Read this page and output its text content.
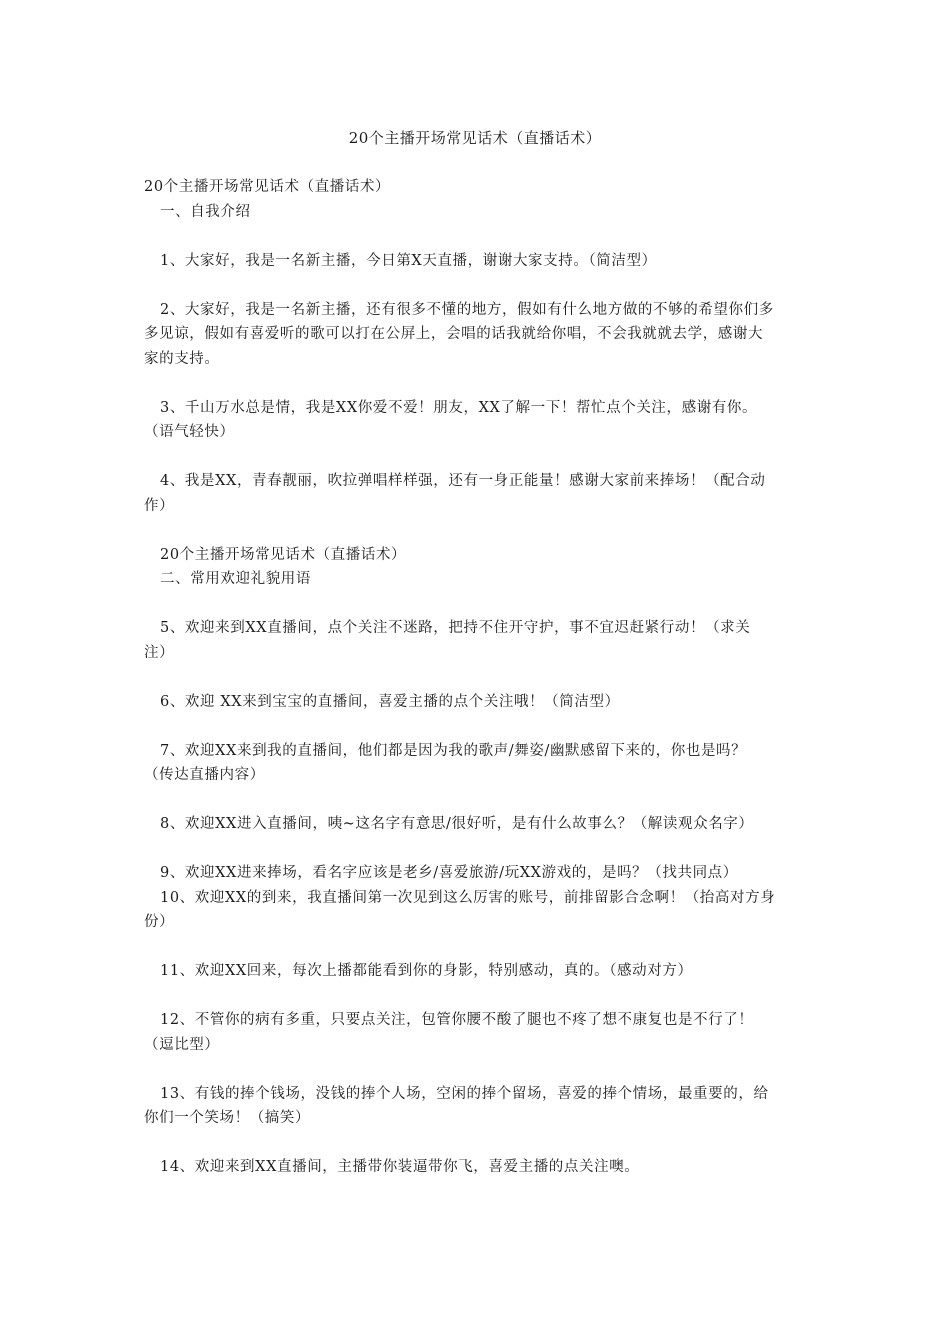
20个主播开场常见话术（直播话术）
20个主播开场常见话术（直播话术）
一、自我介绍
1、大家好，我是一名新主播，今日第X天直播，谢谢大家支持。（简洁型）
2、大家好，我是一名新主播，还有很多不懂的地方，假如有什么地方做的不够的希望你们多
多见谅，假如有喜爱听的歌可以打在公屏上，会唱的话我就给你唱，不会我就就去学，感谢大
家的支持。
3、千山万水总是情，我是XX你爱不爱！朋友，XX了解一下！帮忙点个关注，感谢有你。
（语气轻快）
4、我是XX，青春靓丽，吹拉弹唱样样强，还有一身正能量！感谢大家前来捧场！（配合动
作）
20个主播开场常见话术（直播话术）
二、常用欢迎礼貌用语
5、欢迎来到XX直播间，点个关注不迷路，把持不住开守护，事不宜迟赶紧行动！（求关
注）
6、欢迎 XX来到宝宝的直播间，喜爱主播的点个关注哦！（简洁型）
7、欢迎XX来到我的直播间，他们都是因为我的歌声/舞姿/幽默感留下来的，你也是吗？
（传达直播内容）
8、欢迎XX进入直播间，咦~这名字有意思/很好听，是有什么故事么？（解读观众名字）
9、欢迎XX进来捧场，看名字应该是老乡/喜爱旅游/玩XX游戏的，是吗？（找共同点）
10、欢迎XX的到来，我直播间第一次见到这么厉害的账号，前排留影合念啊！（抬高对方身
份）
11、欢迎XX回来，每次上播都能看到你的身影，特别感动，真的。（感动对方）
12、不管你的病有多重，只要点关注，包管你腰不酸了腿也不疼了想不康复也是不行了！
（逗比型）
13、有钱的捧个钱场，没钱的捧个人场，空闲的捧个留场，喜爱的捧个情场，最重要的，给
你们一个笑场！（搞笑）
14、欢迎来到XX直播间，主播带你装逼带你飞，喜爱主播的点关注噢。
